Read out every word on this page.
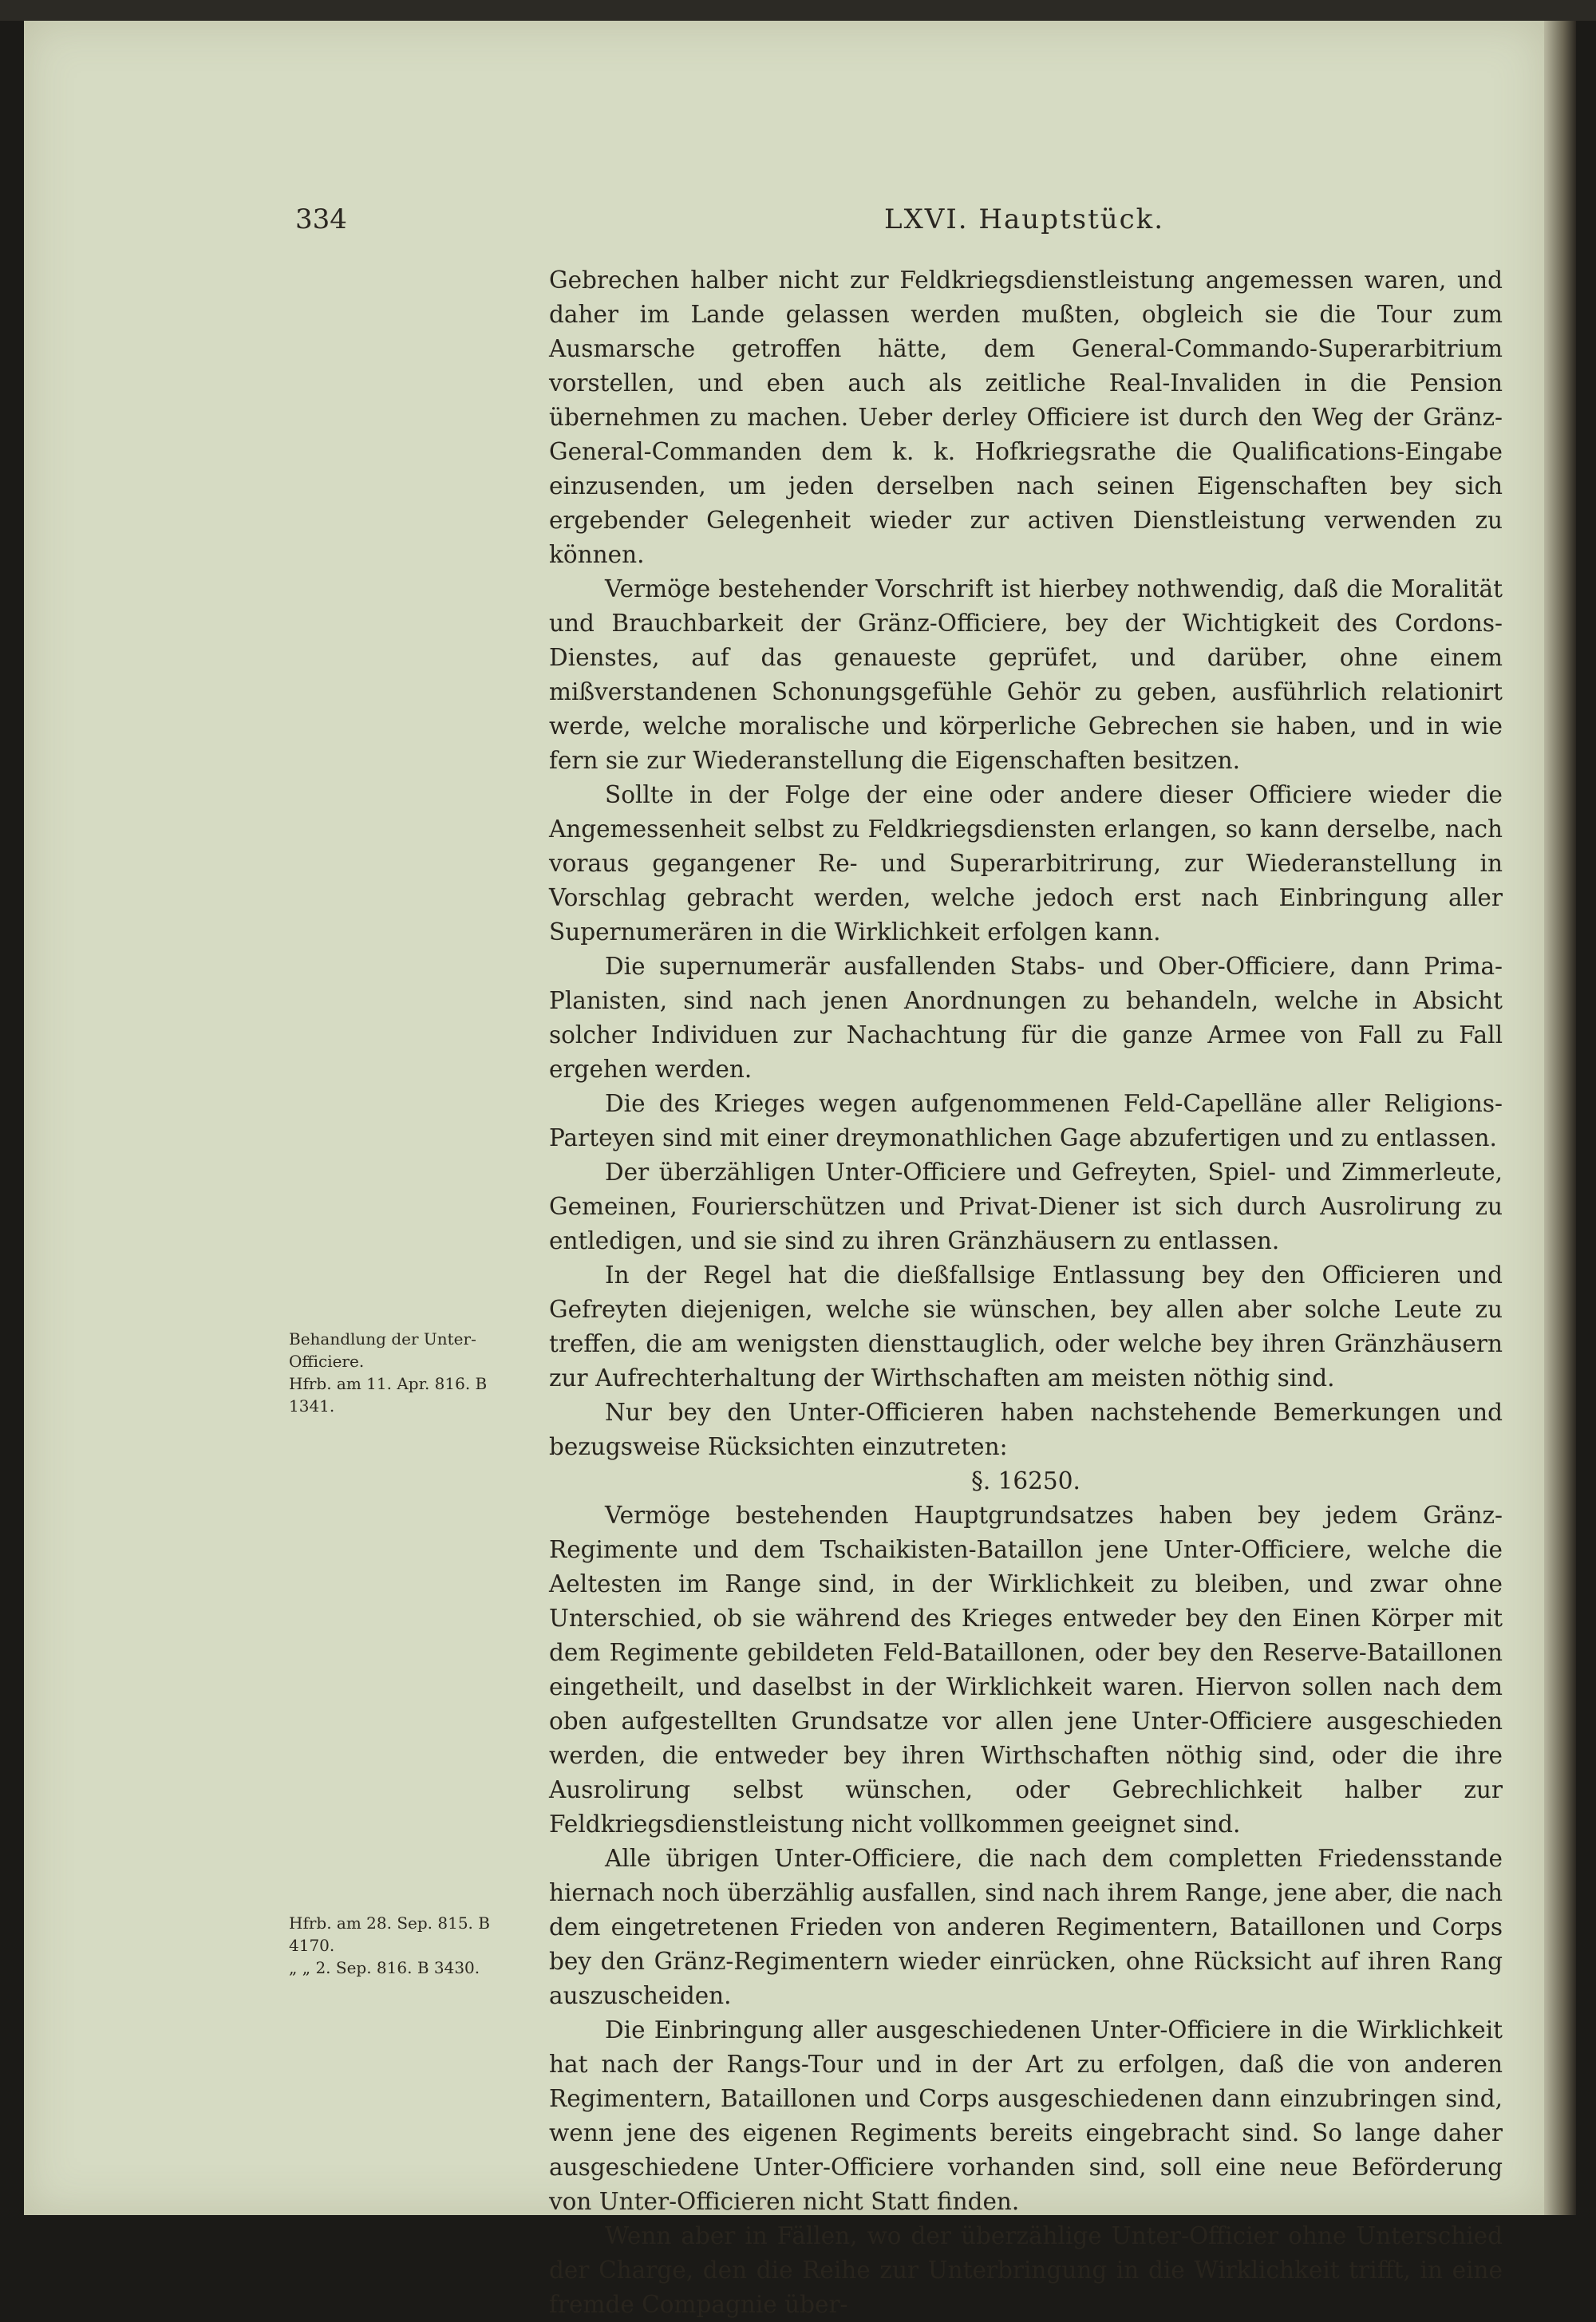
334	LXVI. Hauptstück.

Gebrechen halber nicht zur Feldkriegsdienstleistung angemessen waren, und daher im Lande gelassen werden mußten, obgleich sie die Tour zum Ausmarsche getroffen hätte, dem General-Commando-Superarbitrium vorstellen, und eben auch als zeitliche Real-Invaliden in die Pension übernehmen zu machen. Ueber derley Officiere ist durch den Weg der Gränz-General-Commanden dem k. k. Hofkriegsrathe die Qualifications-Eingabe einzusenden, um jeden derselben nach seinen Eigenschaften bey sich ergebender Gelegenheit wieder zur activen Dienstleistung verwenden zu können.

Vermöge bestehender Vorschrift ist hierbey nothwendig, daß die Moralität und Brauchbarkeit der Gränz-Officiere, bey der Wichtigkeit des Cordons-Dienstes, auf das genaueste geprüfet, und darüber, ohne einem mißverstandenen Schonungsgefühle Gehör zu geben, ausführlich relationirt werde, welche moralische und körperliche Gebrechen sie haben, und in wie fern sie zur Wiederanstellung die Eigenschaften besitzen.

Sollte in der Folge der eine oder andere dieser Officiere wieder die Angemessenheit selbst zu Feldkriegsdiensten erlangen, so kann derselbe, nach voraus gegangener Re- und Superarbitrirung, zur Wiederanstellung in Vorschlag gebracht werden, welche jedoch erst nach Einbringung aller Supernumerären in die Wirklichkeit erfolgen kann.

Die supernumerär ausfallenden Stabs- und Ober-Officiere, dann Prima-Planisten, sind nach jenen Anordnungen zu behandeln, welche in Absicht solcher Individuen zur Nachachtung für die ganze Armee von Fall zu Fall ergehen werden.

Die des Krieges wegen aufgenommenen Feld-Capelläne aller Religions-Parteyen sind mit einer dreymonathlichen Gage abzufertigen und zu entlassen.

Der überzähligen Unter-Officiere und Gefreyten, Spiel- und Zimmerleute, Gemeinen, Fourierschützen und Privat-Diener ist sich durch Ausrolirung zu entledigen, und sie sind zu ihren Gränzhäusern zu entlassen.

In der Regel hat die dießfallsige Entlassung bey den Officieren und Gefreyten diejenigen, welche sie wünschen, bey allen aber solche Leute zu treffen, die am wenigsten diensttauglich, oder welche bey ihren Gränzhäusern zur Aufrechterhaltung der Wirthschaften am meisten nöthig sind.

Nur bey den Unter-Officieren haben nachstehende Bemerkungen und bezugsweise Rücksichten einzutreten:

§. 16250.

Vermöge bestehenden Hauptgrundsatzes haben bey jedem Gränz-Regimente und dem Tschaikisten-Bataillon jene Unter-Officiere, welche die Aeltesten im Range sind, in der Wirklichkeit zu bleiben, und zwar ohne Unterschied, ob sie während des Krieges entweder bey den Einen Körper mit dem Regimente gebildeten Feld-Bataillonen, oder bey den Reserve-Bataillonen eingetheilt, und daselbst in der Wirklichkeit waren. Hiervon sollen nach dem oben aufgestellten Grundsatze vor allen jene Unter-Officiere ausgeschieden werden, die entweder bey ihren Wirthschaften nöthig sind, oder die ihre Ausrolirung selbst wünschen, oder Gebrechlichkeit halber zur Feldkriegsdienstleistung nicht vollkommen geeignet sind.

Alle übrigen Unter-Officiere, die nach dem completten Friedensstande hiernach noch überzählig ausfallen, sind nach ihrem Range, jene aber, die nach dem eingetretenen Frieden von anderen Regimentern, Bataillonen und Corps bey den Gränz-Regimentern wieder einrücken, ohne Rücksicht auf ihren Rang auszuscheiden.

Die Einbringung aller ausgeschiedenen Unter-Officiere in die Wirklichkeit hat nach der Rangs-Tour und in der Art zu erfolgen, daß die von anderen Regimentern, Bataillonen und Corps ausgeschiedenen dann einzubringen sind, wenn jene des eigenen Regiments bereits eingebracht sind. So lange daher ausgeschiedene Unter-Officiere vorhanden sind, soll eine neue Beförderung von Unter-Officieren nicht Statt finden.

Wenn aber in Fällen, wo der überzählige Unter-Officier ohne Unterschied der Charge, den die Reihe zur Unterbringung in die Wirklichkeit trifft, in eine fremde Compagnie über-

Behandlung der Unter-Officiere.
Hfrb. am 11. Apr. 816. B 1341.
Hfrb. am 28. Sep. 815. B 4170.
„ „ 2. Sep. 816. B 3430.
